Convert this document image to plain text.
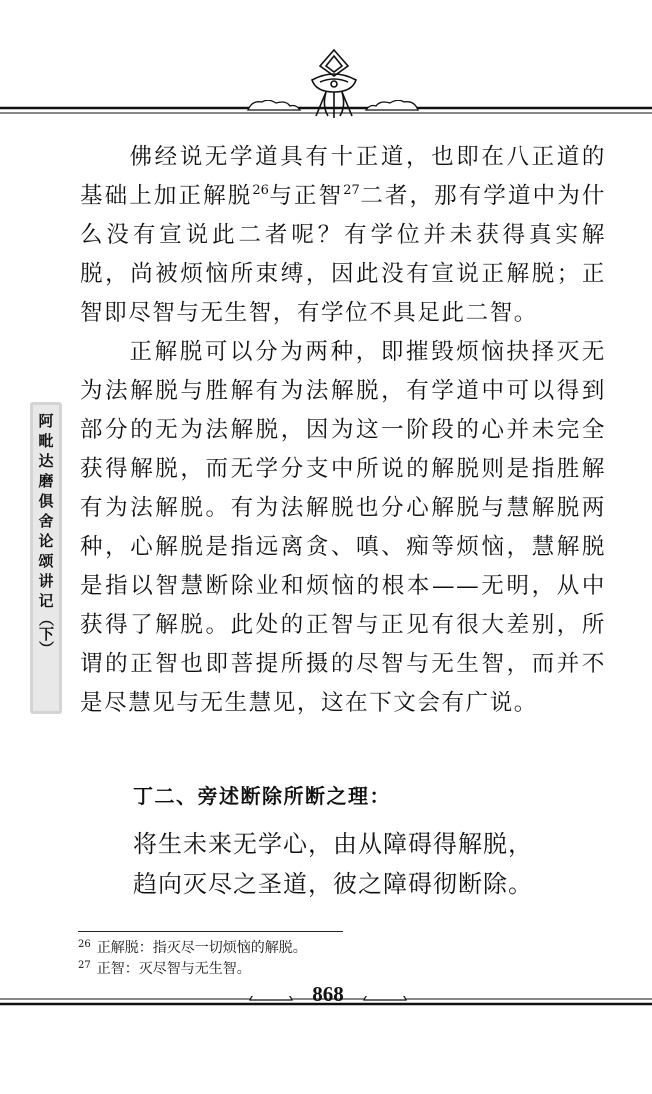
阿
毗
达
磨
俱
舍
论
颂
讲
记
（下）

佛经说无学道具有十正道，也即在八正道的基础上加正解脱$^{26}$与正智$^{27}$二者，那有学道中为什么没有宣说此二者呢？有学位并未获得真实解脱，尚被烦恼所束缚，因此没有宣说正解脱；正智即尽智与无生智，有学位不具足此二智。

正解脱可以分为两种，即摧毁烦恼抉择灭无为法解脱与胜解有为法解脱，有学道中可以得到部分的无为法解脱，因为这一阶段的心并未完全获得解脱，而无学分支中所说的解脱则是指胜解有为法解脱。有为法解脱也分心解脱与慧解脱两种，心解脱是指远离贪、嗔、痴等烦恼，慧解脱是指以智慧断除业和烦恼的根本——无明，从中获得了解脱。此处的正智与正见有很大差别，所谓的正智也即菩提所摄的尽智与无生智，而并不是尽慧见与无生慧见，这在下文会有广说。

丁二、旁述断除所断之理：
将生未来无学心，由从障碍得解脱，
趋向灭尽之圣道，彼之障碍彻断除。
$^{26}$ 正解脱：指灭尽一切烦恼的解脱。
$^{27}$ 正智：灭尽智与无生智。
868
